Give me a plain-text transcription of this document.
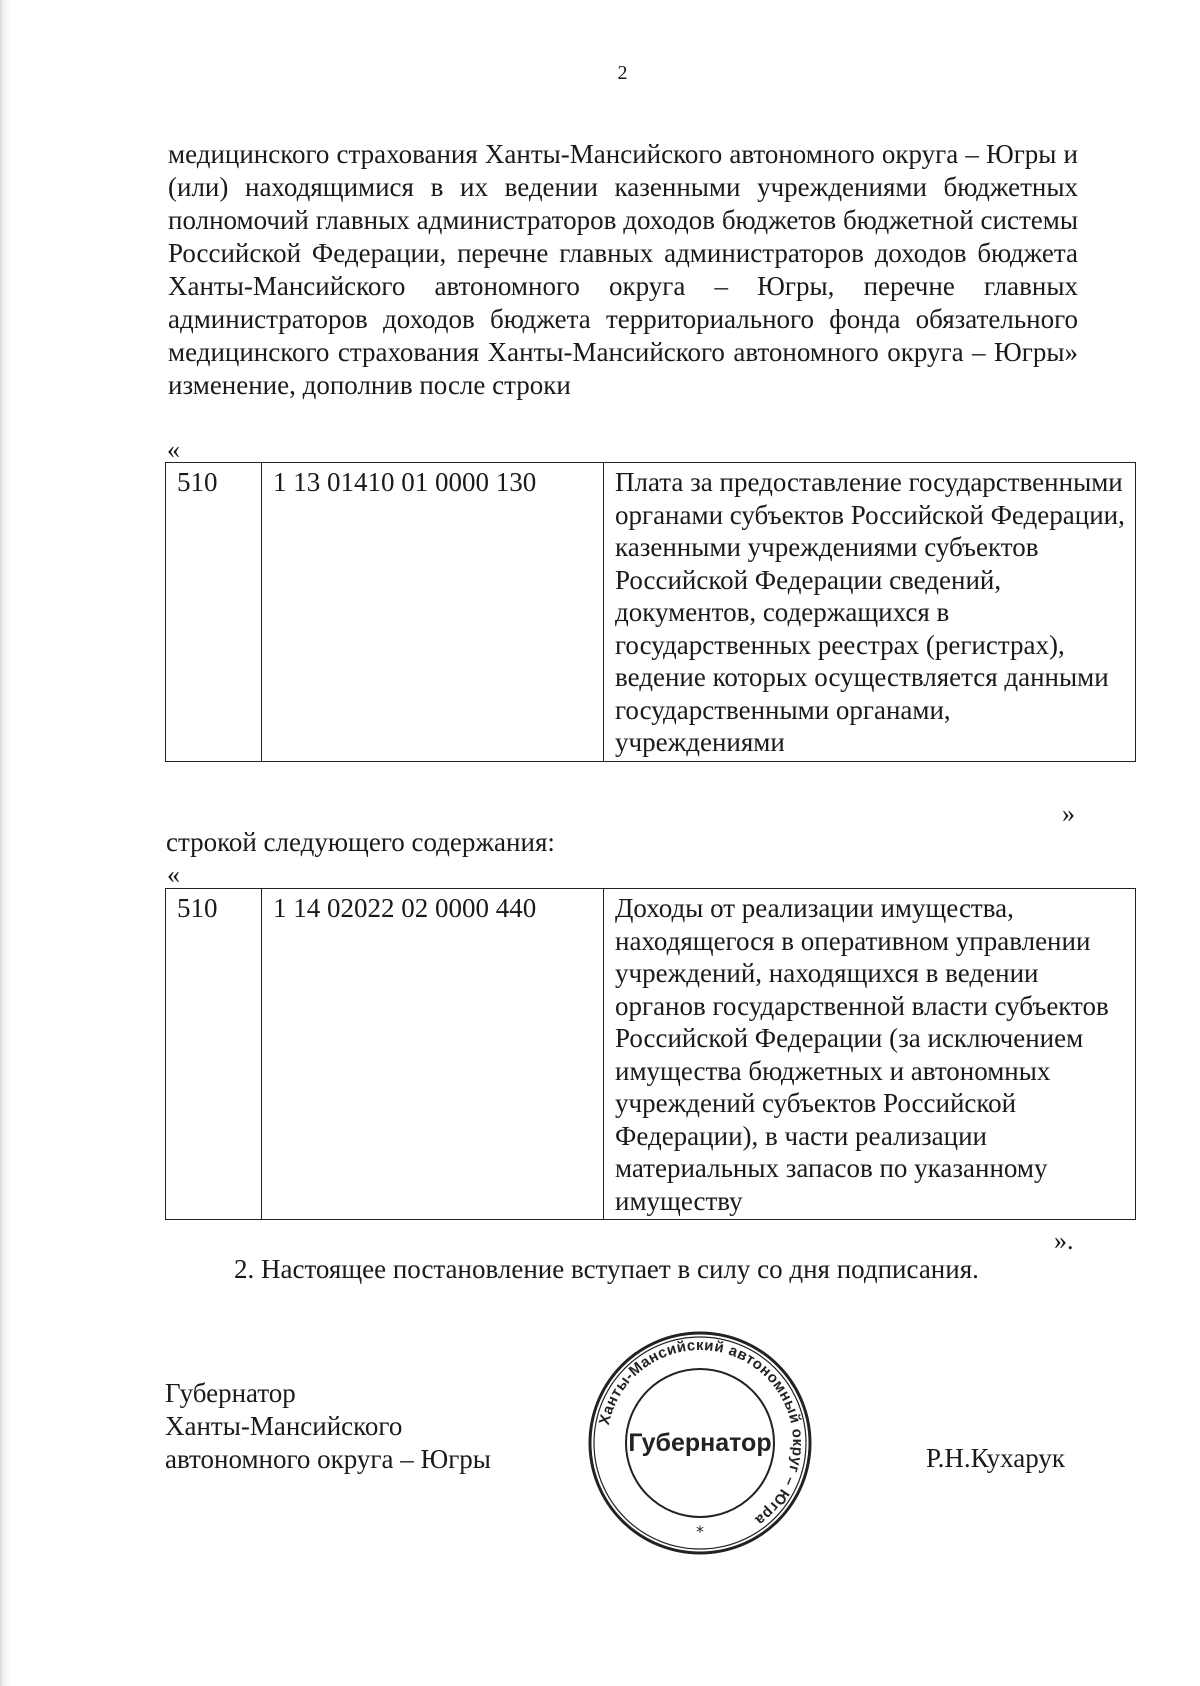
2

медицинского страхования Ханты-Мансийского автономного округа – Югры и (или) находящимися в их ведении казенными учреждениями бюджетных полномочий главных администраторов доходов бюджетов бюджетной системы Российской Федерации, перечне главных администраторов доходов бюджета Ханты-Мансийского автономного округа – Югры, перечне главных администраторов доходов бюджета территориального фонда обязательного медицинского страхования Ханты-Мансийского автономного округа – Югры» изменение, дополнив после строки

«
510	1 13 01410 01 0000 130	Плата за предоставление государственными органами субъектов Российской Федерации, казенными учреждениями субъектов Российской Федерации сведений, документов, содержащихся в государственных реестрах (регистрах), ведение которых осуществляется данными государственными органами, учреждениями
»
строкой следующего содержания:
«
510	1 14 02022 02 0000 440	Доходы от реализации имущества, находящегося в оперативном управлении учреждений, находящихся в ведении органов государственной власти субъектов Российской Федерации (за исключением имущества бюджетных и автономных учреждений субъектов Российской Федерации), в части реализации материальных запасов по указанному имуществу
».
2. Настоящее постановление вступает в силу со дня подписания.
Губернатор
Ханты-Мансийского
автономного округа – Югры
Ханты-Мансийский автономный округ – Югра
Губернатор
*
Р.Н.Кухарук
